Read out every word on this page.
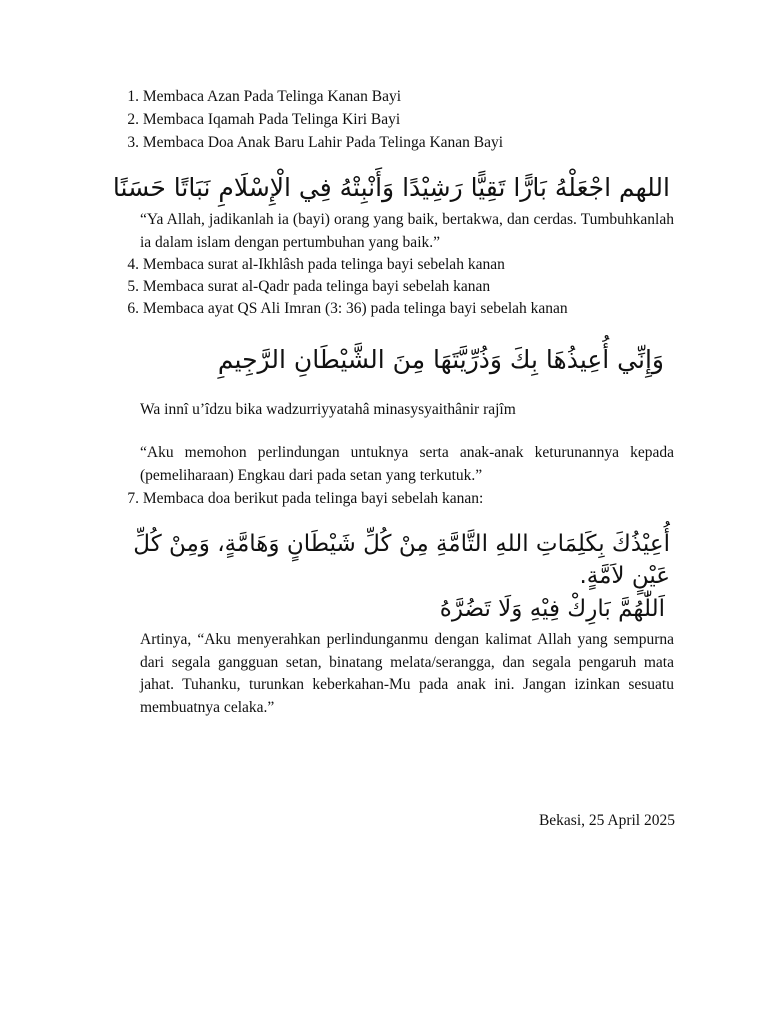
1. Membaca Azan Pada Telinga Kanan Bayi
2. Membaca Iqamah Pada Telinga Kiri Bayi
3. Membaca Doa Anak Baru Lahir Pada Telinga Kanan Bayi
اللهم اجْعَلْهُ بَارًّا تَقِيًّا رَشِيْدًا وَأَنْبِتْهُ فِي الْإِسْلَامِ نَبَاتًا حَسَنًا
“Ya Allah, jadikanlah ia (bayi) orang yang baik, bertakwa, dan cerdas. Tumbuhkanlah ia dalam islam dengan pertumbuhan yang baik.”
4. Membaca surat al-Ikhlâsh pada telinga bayi sebelah kanan
5. Membaca surat al-Qadr pada telinga bayi sebelah kanan
6. Membaca ayat QS Ali Imran (3: 36) pada telinga bayi sebelah kanan
وَإِنِّي أُعِيذُهَا بِكَ وَذُرِّيَّتَهَا مِنَ الشَّيْطَانِ الرَّجِيمِ
Wa innî u’îdzu bika wadzurriyyatahâ minasysyaithânir rajîm
“Aku memohon perlindungan untuknya serta anak-anak keturunannya kepada (pemeliharaan) Engkau dari pada setan yang terkutuk.”
7. Membaca doa berikut pada telinga bayi sebelah kanan:
أُعِيْذُكَ بِكَلِمَاتِ اللهِ التَّامَّةِ مِنْ كُلِّ شَيْطَانٍ وَهَامَّةٍ، وَمِنْ كُلِّ عَيْنٍ لاَمَّةٍ.
اَللّٰهُمَّ بَارِكْ فِيْهِ وَلَا تَضُرَّهُ
Artinya, “Aku menyerahkan perlindunganmu dengan kalimat Allah yang sempurna dari segala gangguan setan, binatang melata/serangga, dan segala pengaruh mata jahat. Tuhanku, turunkan keberkahan-Mu pada anak ini. Jangan izinkan sesuatu membuatnya celaka.”
Bekasi, 25 April 2025
